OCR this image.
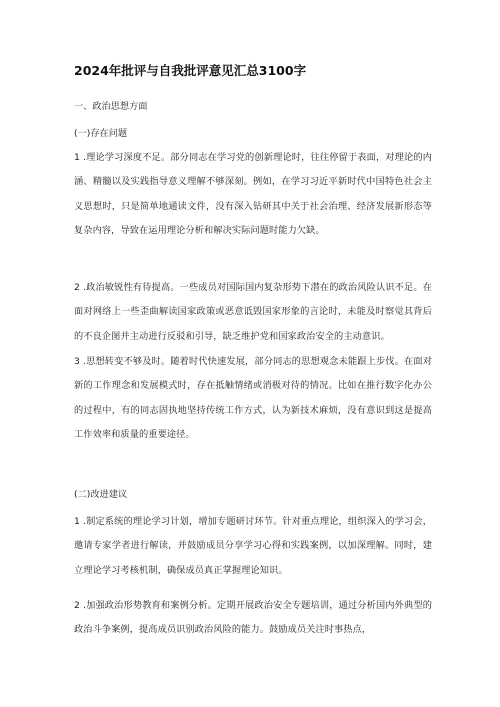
2024年批评与自我批评意见汇总3100字
一、政治思想方面
(一)存在问题
1 .理论学习深度不足。部分同志在学习党的创新理论时，往往停留于表面，对理论的内涵、精髓以及实践指导意义理解不够深刻。例如，在学习习近平新时代中国特色社会主义思想时，只是简单地通读文件，没有深入钻研其中关于社会治理、经济发展新形态等复杂内容，导致在运用理论分析和解决实际问题时能力欠缺。
2 .政治敏锐性有待提高。一些成员对国际国内复杂形势下潜在的政治风险认识不足。在面对网络上一些歪曲解读国家政策或恶意诋毁国家形象的言论时，未能及时察觉其背后的不良企图并主动进行反驳和引导，缺乏维护党和国家政治安全的主动意识。
3 .思想转变不够及时。随着时代快速发展，部分同志的思想观念未能跟上步伐。在面对新的工作理念和发展模式时，存在抵触情绪或消极对待的情况。比如在推行数字化办公的过程中，有的同志固执地坚持传统工作方式，认为新技术麻烦，没有意识到这是提高工作效率和质量的重要途径。
(二)改进建议
1 .制定系统的理论学习计划，增加专题研讨环节。针对重点理论，组织深入的学习会，邀请专家学者进行解读，并鼓励成员分享学习心得和实践案例，以加深理解。同时，建立理论学习考核机制，确保成员真正掌握理论知识。
2 .加强政治形势教育和案例分析。定期开展政治安全专题培训，通过分析国内外典型的政治斗争案例，提高成员识别政治风险的能力。鼓励成员关注时事热点，
